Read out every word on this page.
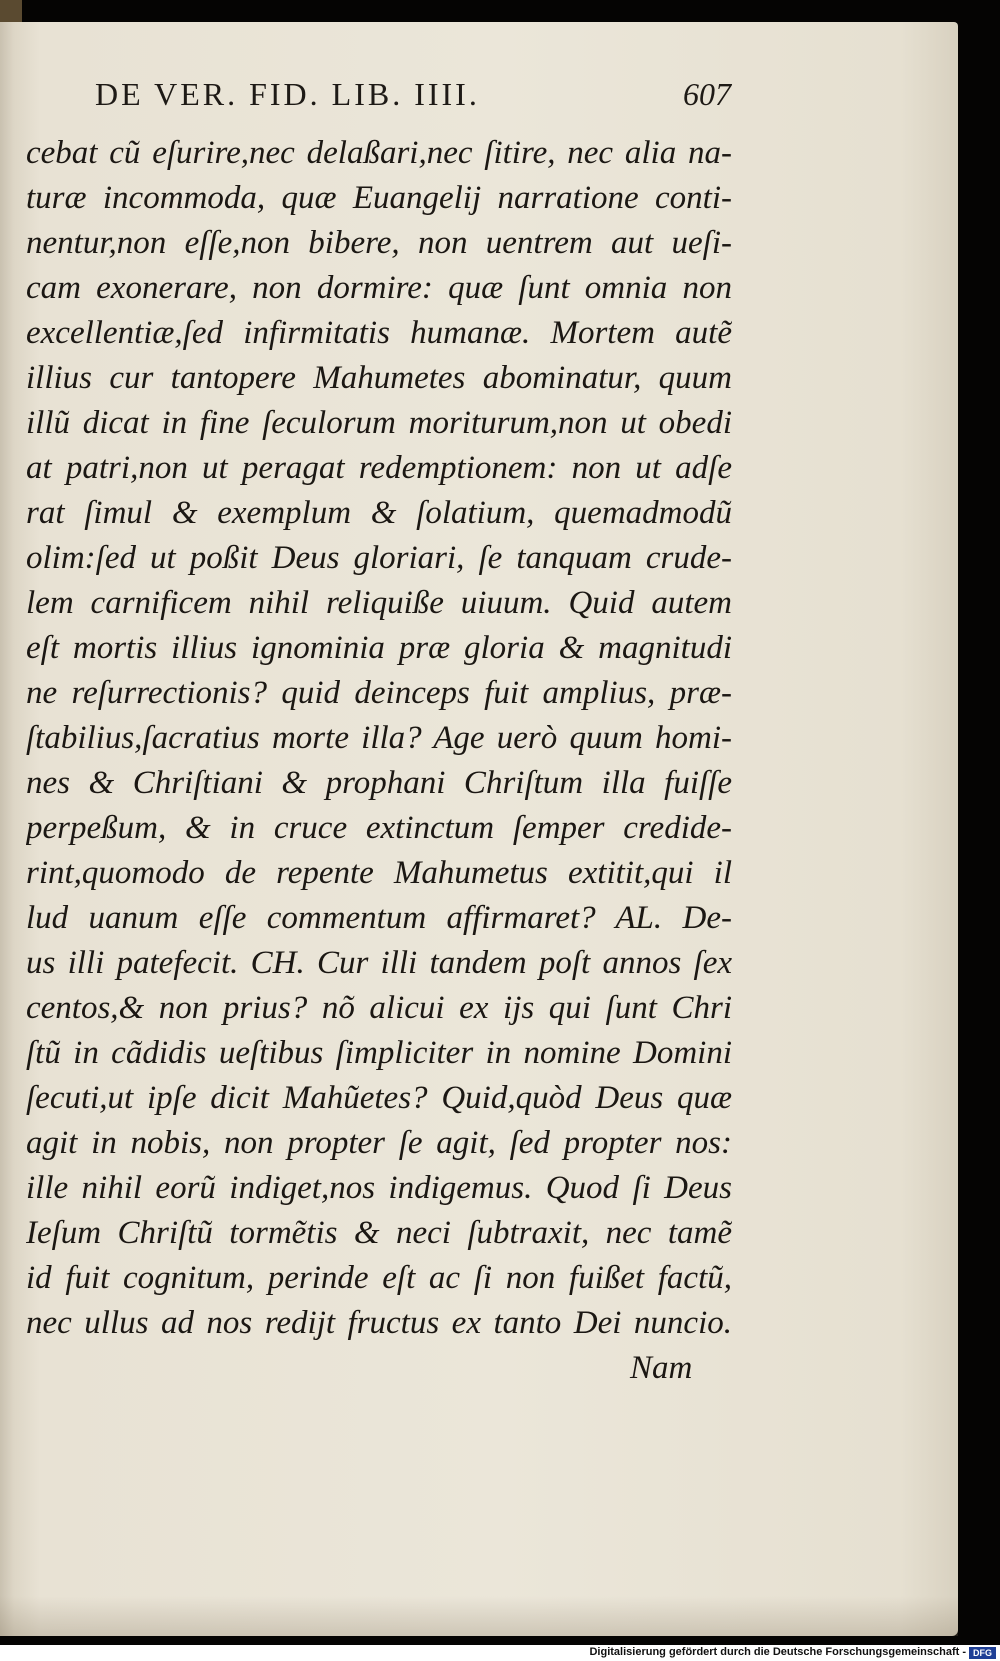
DE VER. FID. LIB. IIII.	607
cebat cũ eſurire,nec delaßari,nec ſitire, nec alia na-
turæ incommoda, quæ Euangelij narratione conti-
nentur,non eſſe,non bibere, non uentrem aut ueſi-
cam exonerare, non dormire: quæ ſunt omnia non
excellentiæ,ſed infirmitatis humanæ. Mortem autẽ
illius cur tantopere Mahumetes abominatur, quum
illũ dicat in fine ſeculorum moriturum,non ut obedi
at patri,non ut peragat redemptionem: non ut adſe
rat ſimul & exemplum & ſolatium, quemadmodũ
olim:ſed ut poßit Deus gloriari, ſe tanquam crude-
lem carnificem nihil reliquiße uiuum. Quid autem
eſt mortis illius ignominia præ gloria & magnitudi
ne reſurrectionis? quid deinceps fuit amplius, præ-
ſtabilius,ſacratius morte illa? Age uerò quum homi-
nes & Chriſtiani & prophani Chriſtum illa fuiſſe
perpeßum, & in cruce extinctum ſemper credide-
rint,quomodo de repente Mahumetus extitit,qui il
lud uanum eſſe commentum affirmaret? AL. De-
us illi patefecit. CH. Cur illi tandem poſt annos ſex
centos,& non prius? nõ alicui ex ijs qui ſunt Chri
ſtũ in cãdidis ueſtibus ſimpliciter in nomine Domini
ſecuti,ut ipſe dicit Mahũetes? Quid,quòd Deus quæ
agit in nobis, non propter ſe agit, ſed propter nos:
ille nihil eorũ indiget,nos indigemus. Quod ſi Deus
Ieſum Chriſtũ tormẽtis & neci ſubtraxit, nec tamẽ
id fuit cognitum, perinde eſt ac ſi non fuißet factũ,
nec ullus ad nos redijt fructus ex tanto Dei nuncio.
Nam
Digitalisierung gefördert durch die Deutsche Forschungsgemeinschaft - DFG
